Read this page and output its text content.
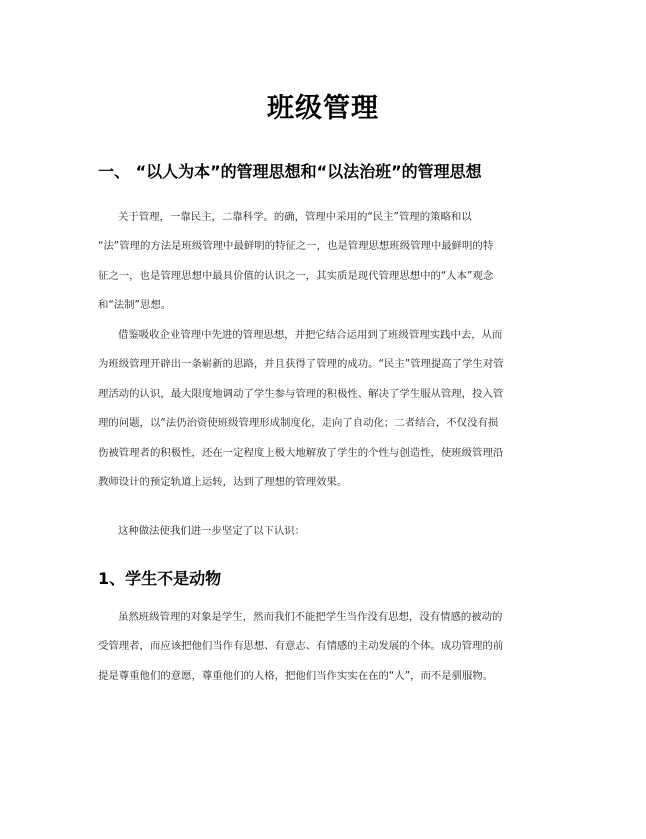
班级管理
一、 “以人为本”的管理思想和“以法治班”的管理思想
关于管理，一靠民主，二靠科学。的确，管理中采用的“民主”管理的策略和以
“法”管理的方法是班级管理中最鲜明的特征之一，也是管理思想班级管理中最鲜明的特
征之一，也是管理思想中最具价值的认识之一，其实质是现代管理思想中的“人本”观念
和“法制”思想。
借鉴吸收企业管理中先进的管理思想，并把它结合运用到了班级管理实践中去，从而
为班级管理开辟出一条崭新的思路，并且获得了管理的成功。“民主”管理提高了学生对管
理活动的认识，最大限度地调动了学生参与管理的积极性、解决了学生服从管理，投入管
理的问题，以“法仍治资使班级管理形成制度化，走向了自动化；二者结合，不仅没有损
伤被管理者的积极性，还在一定程度上极大地解放了学生的个性与创造性，使班级管理沿
教师设计的预定轨道上运转，达到了理想的管理效果。
这种做法使我们进一步坚定了以下认识：
1、学生不是动物
虽然班级管理的对象是学生，然而我们不能把学生当作没有思想，没有情感的被动的
受管理者，而应该把他们当作有思想、有意志、有情感的主动发展的个体。成功管理的前
提是尊重他们的意愿，尊重他们的人格，把他们当作实实在在的“人”，而不是驯服物。
